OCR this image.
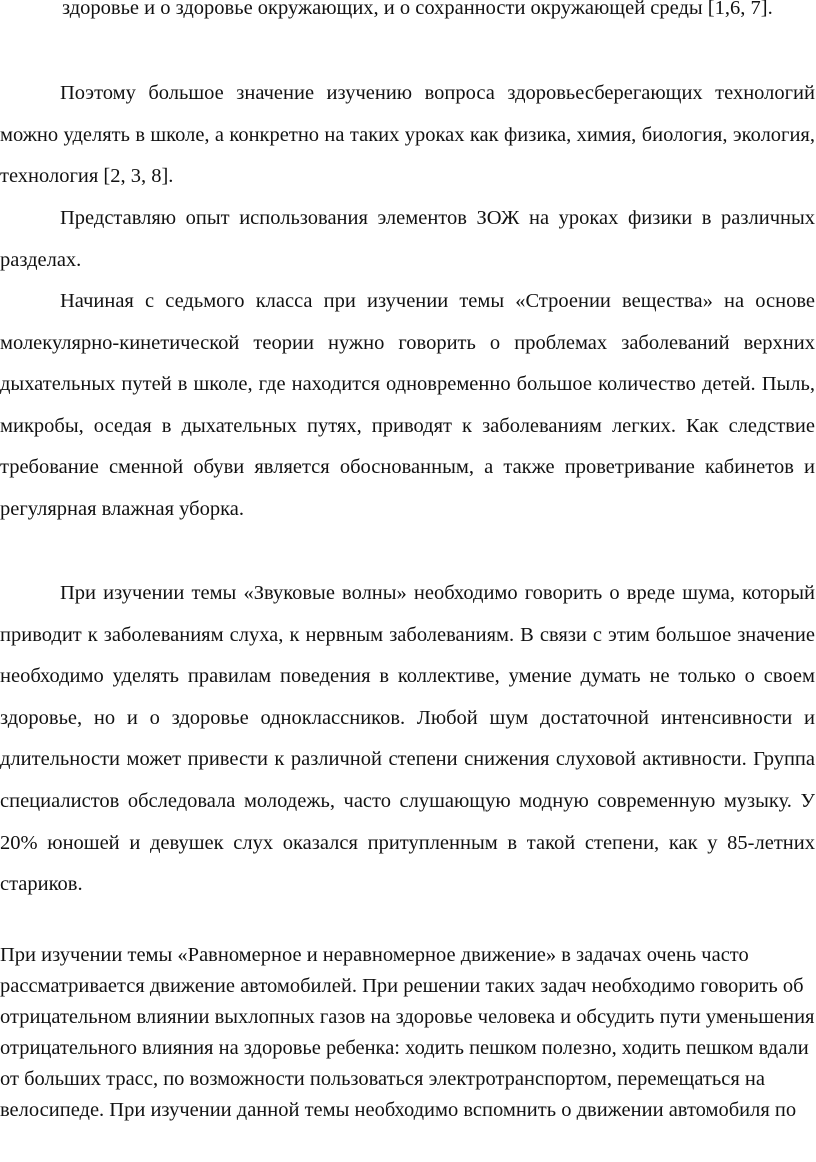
здоровье и о здоровье окружающих, и о сохранности окружающей среды [1,6, 7].

Поэтому большое значение изучению вопроса здоровьесберегающих технологий можно уделять в школе, а конкретно на таких уроках как физика, химия, биология, экология, технология [2, 3, 8].

Представляю опыт использования элементов ЗОЖ на уроках физики в различных разделах.

Начиная с седьмого класса при изучении темы «Строении вещества» на основе молекулярно-кинетической теории нужно говорить о проблемах заболеваний верхних дыхательных путей в школе, где находится одновременно большое количество детей. Пыль, микробы, оседая в дыхательных путях, приводят к заболеваниям легких. Как следствие требование сменной обуви является обоснованным, а также проветривание кабинетов и регулярная влажная уборка.

При изучении темы «Звуковые волны» необходимо говорить о вреде шума, который приводит к заболеваниям слуха, к нервным заболеваниям. В связи с этим большое значение необходимо уделять правилам поведения в коллективе, умение думать не только о своем здоровье, но и о здоровье одноклассников. Любой шум достаточной интенсивности и длительности может привести к различной степени снижения слуховой активности. Группа специалистов обследовала молодежь, часто слушающую модную современную музыку. У 20% юношей и девушек слух оказался притупленным в такой степени, как у 85-летних стариков.

При изучении темы «Равномерное и неравномерное движение» в задачах очень часто рассматривается движение автомобилей. При решении таких задач необходимо говорить об отрицательном влиянии выхлопных газов на здоровье человека и обсудить пути уменьшения отрицательного влияния на здоровье ребенка: ходить пешком полезно, ходить пешком вдали от больших трасс, по возможности пользоваться электротранспортом, перемещаться на велосипеде. При изучении данной темы необходимо вспомнить о движении автомобиля по
